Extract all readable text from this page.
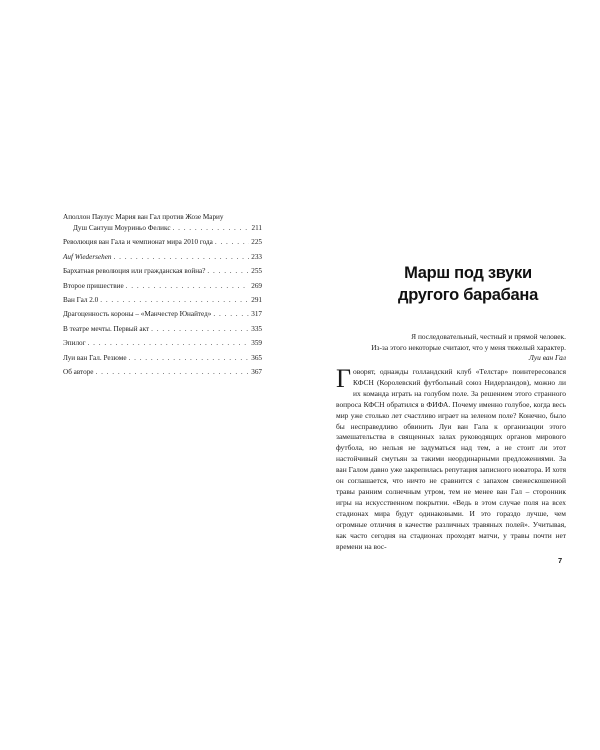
Аполлон Паулус Мария ван Гал против Жозе Мариу
Душ Сантуш Моуриньо Феликс . . .	211
Революция ван Гала и чемпионат мира 2010 года . . .	225
Auf Wiedersehen . . .	233
Бархатная революция или гражданская война? . . .	255
Второе пришествие . . .	269
Ван Гал 2.0 . . .	291
Драгоценность короны – «Манчестер Юнайтед» . . .	317
В театре мечты. Первый акт . . .	335
Эпилог . . .	359
Луи ван Гал. Резюме . . .	365
Об авторе . . .	367
Марш под звуки
другого барабана
Я последовательный, честный и прямой человек.
Из-за этого некоторые считают, что у меня тяжелый характер.
Луи ван Гал

Говорят, однажды голландский клуб «Телстар» поинтересовался КФСН (Королевский футбольный союз Нидерландов), можно ли их команда играть на голубом поле. За решением этого странного вопроса КФСН обратился в ФИФА. Почему именно голубое, когда весь мир уже столько лет счастливо играет на зеленом поле? Конечно, было бы несправедливо обвинить Луи ван Гала к организации этого замешательства в священных залах руководящих органов мирового футбола, но нельзя не задуматься над тем, а не стоит ли этот настойчивый смутьян за такими неординарными предложениями. За ван Галом давно уже закрепилась репутация записного новатора. И хотя он соглашается, что ничто не сравнится с запахом свежескошенной травы ранним солнечным утром, тем не менее ван Гал – сторонник игры на искусственном покрытии. «Ведь в этом случае поля на всех стадионах мира будут одинаковыми. И это гораздо лучше, чем огромные отличия в качестве различных травяных полей». Учитывая, как часто сегодня на стадионах проходят матчи, у травы почти нет времени на вос-

7
